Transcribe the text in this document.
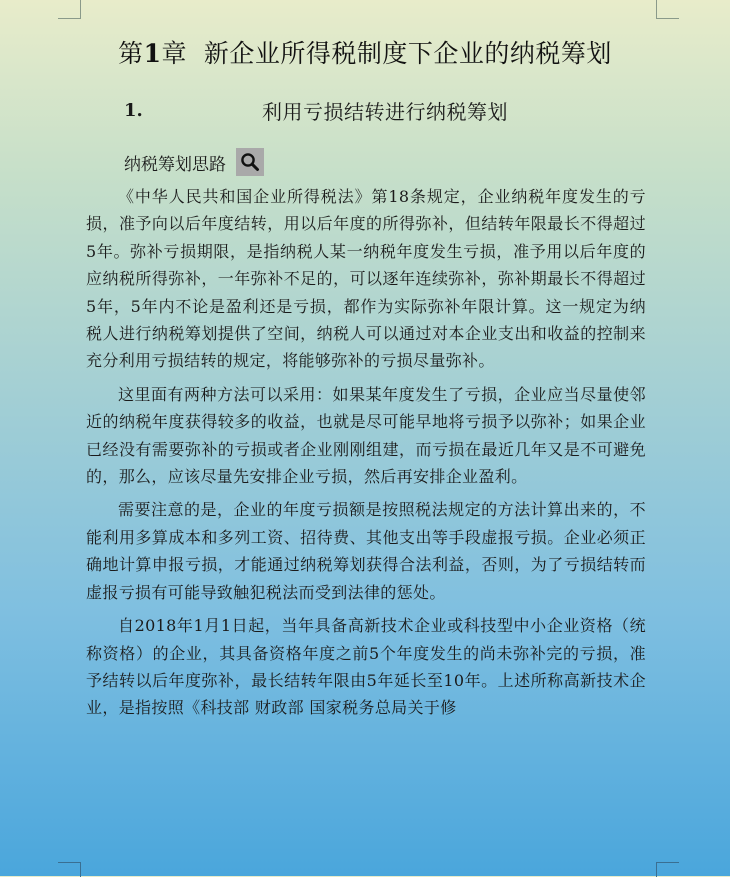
第1章  新企业所得税制度下企业的纳税筹划
1.	利用亏损结转进行纳税筹划
纳税筹划思路

《中华人民共和国企业所得税法》第18条规定，企业纳税年度发生的亏损，准予向以后年度结转，用以后年度的所得弥补，但结转年限最长不得超过5年。弥补亏损期限，是指纳税人某一纳税年度发生亏损，准予用以后年度的应纳税所得弥补，一年弥补不足的，可以逐年连续弥补，弥补期最长不得超过5年，5年内不论是盈利还是亏损，都作为实际弥补年限计算。这一规定为纳税人进行纳税筹划提供了空间，纳税人可以通过对本企业支出和收益的控制来充分利用亏损结转的规定，将能够弥补的亏损尽量弥补。

这里面有两种方法可以采用：如果某年度发生了亏损，企业应当尽量使邻近的纳税年度获得较多的收益，也就是尽可能早地将亏损予以弥补；如果企业已经没有需要弥补的亏损或者企业刚刚组建，而亏损在最近几年又是不可避免的，那么，应该尽量先安排企业亏损，然后再安排企业盈利。

需要注意的是，企业的年度亏损额是按照税法规定的方法计算出来的，不能利用多算成本和多列工资、招待费、其他支出等手段虚报亏损。企业必须正确地计算申报亏损，才能通过纳税筹划获得合法利益，否则，为了亏损结转而虚报亏损有可能导致触犯税法而受到法律的惩处。

自2018年1月1日起，当年具备高新技术企业或科技型中小企业资格（统称资格）的企业，其具备资格年度之前5个年度发生的尚未弥补完的亏损，准予结转以后年度弥补，最长结转年限由5年延长至10年。上述所称高新技术企业，是指按照《科技部 财政部 国家税务总局关于修
